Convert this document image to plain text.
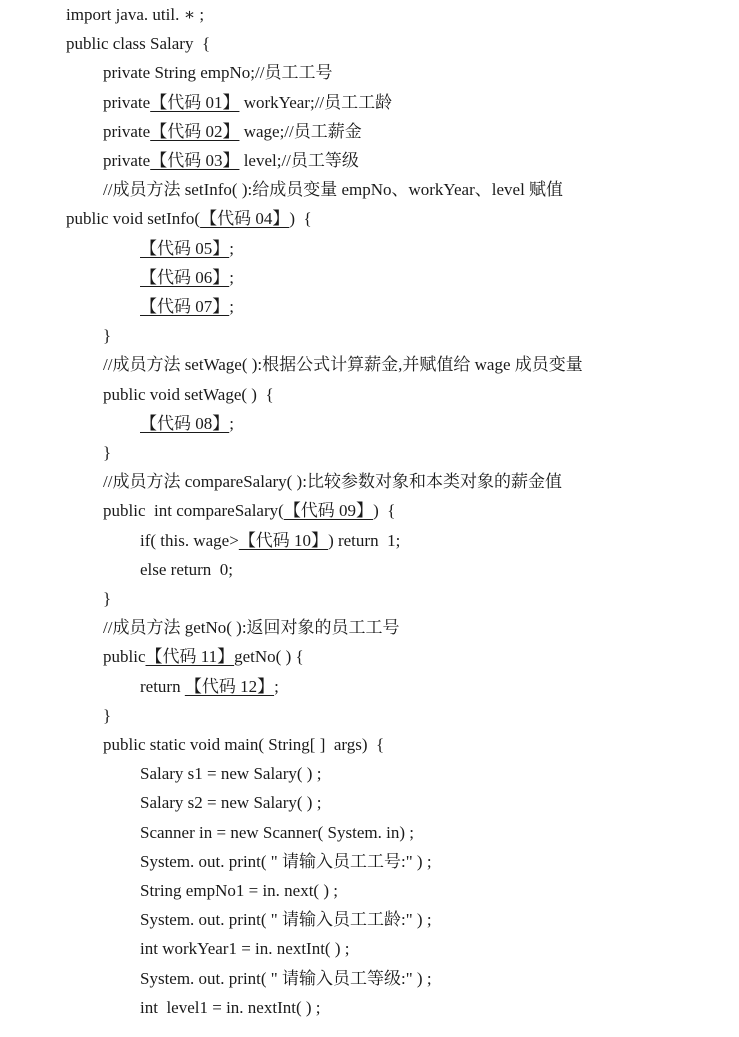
import java. util. ∗ ;
public class Salary  {
private String empNo;//员工工号
private【代码 01】 workYear;//员工工龄
private【代码 02】 wage;//员工薪金
private【代码 03】 level;//员工等级
//成员方法 setInfo( ):给成员变量 empNo、workYear、level 赋值
public void setInfo(【代码 04】)  {
【代码 05】;
【代码 06】;
【代码 07】;
}
//成员方法 setWage( ):根据公式计算薪金,并赋值给 wage 成员变量
public void setWage( )  {
【代码 08】;
}
//成员方法 compareSalary( ):比较参数对象和本类对象的薪金值
public  int compareSalary(【代码 09】)  {
if( this. wage>【代码 10】) return  1;
else return  0;
}
//成员方法 getNo( ):返回对象的员工工号
public【代码 11】getNo( ) {
return 【代码 12】;
}
public static void main( String[ ]  args)  {
Salary s1 = new Salary( ) ;
Salary s2 = new Salary( ) ;
Scanner in = new Scanner( System. in) ;
System. out. print( " 请输入员工工号:" ) ;
String empNo1 = in. next( ) ;
System. out. print( " 请输入员工工龄:" ) ;
int workYear1 = in. nextInt( ) ;
System. out. print( " 请输入员工等级:" ) ;
int  level1 = in. nextInt( ) ;
